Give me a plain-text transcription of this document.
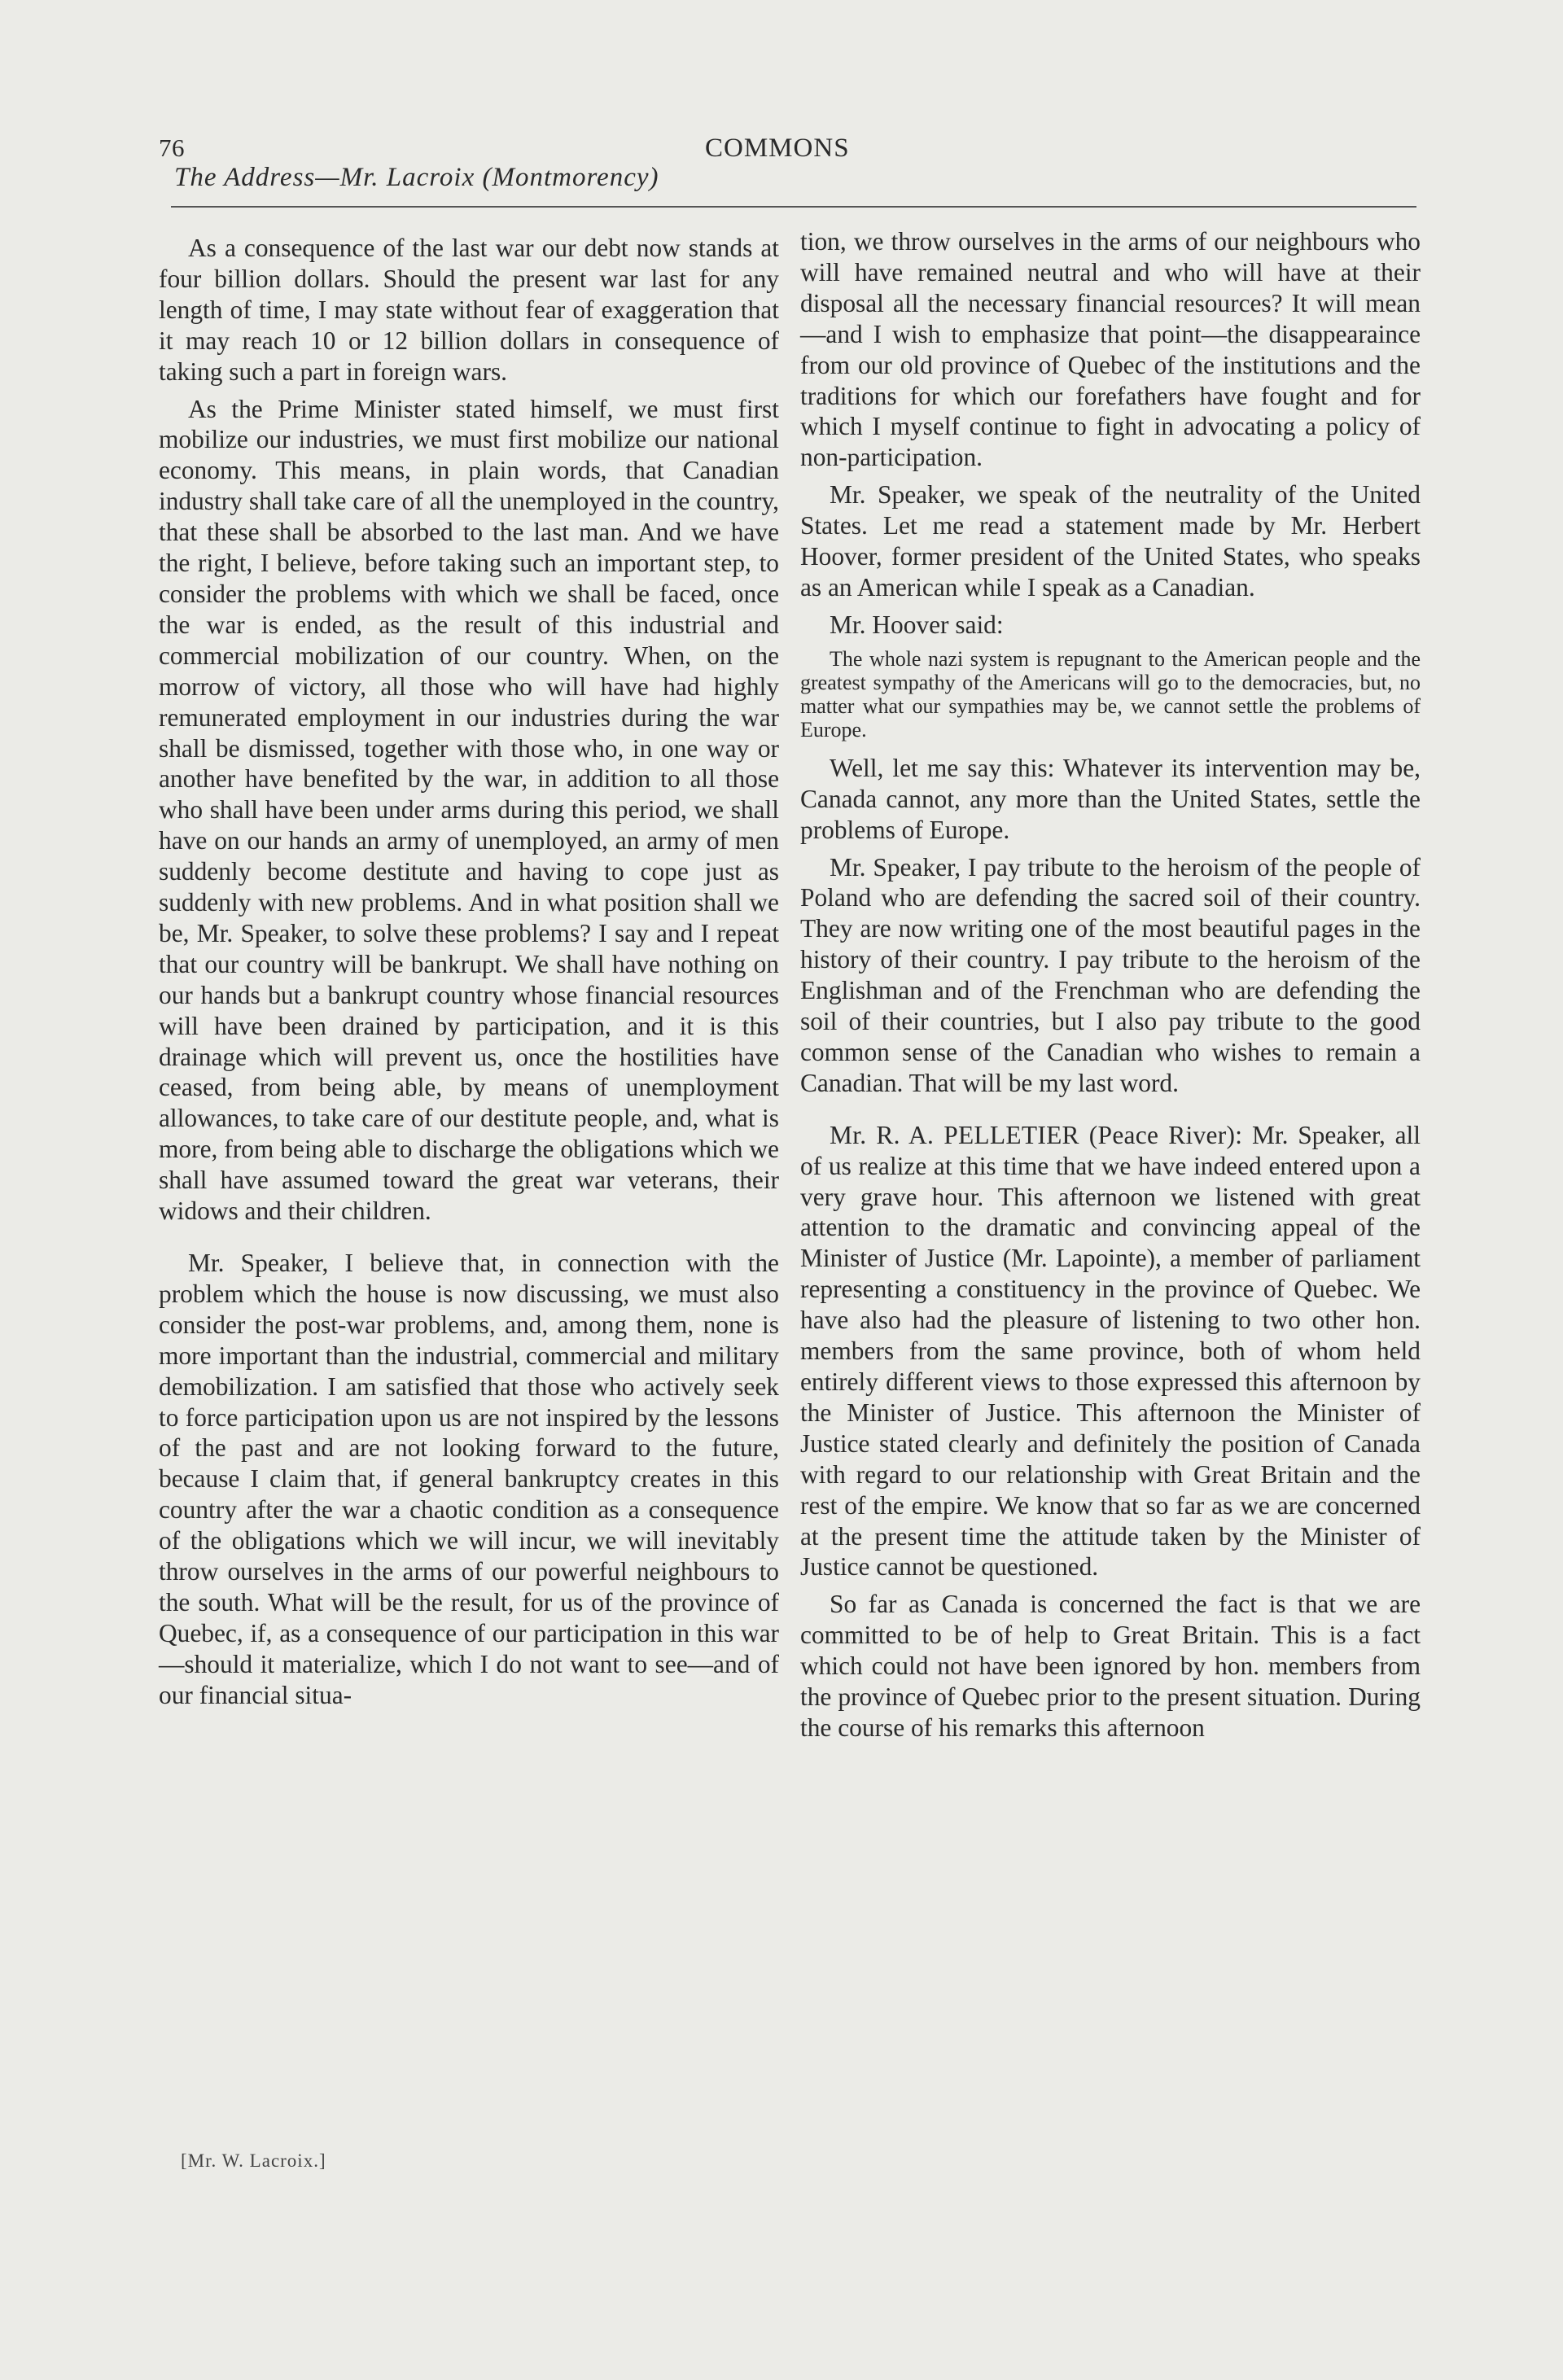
76	COMMONS
The Address—Mr. Lacroix (Montmorency)

As a consequence of the last war our debt now stands at four billion dollars. Should the present war last for any length of time, I may state without fear of exaggeration that it may reach 10 or 12 billion dollars in consequence of taking such a part in foreign wars.

As the Prime Minister stated himself, we must first mobilize our industries, we must first mobilize our national economy. This means, in plain words, that Canadian industry shall take care of all the unemployed in the country, that these shall be absorbed to the last man. And we have the right, I believe, before taking such an important step, to consider the problems with which we shall be faced, once the war is ended, as the result of this industrial and commercial mobilization of our country. When, on the morrow of victory, all those who will have had highly remunerated employment in our industries during the war shall be dismissed, together with those who, in one way or another have benefited by the war, in addition to all those who shall have been under arms during this period, we shall have on our hands an army of unemployed, an army of men suddenly become destitute and having to cope just as suddenly with new problems. And in what position shall we be, Mr. Speaker, to solve these problems? I say and I repeat that our country will be bankrupt. We shall have nothing on our hands but a bankrupt country whose financial resources will have been drained by participation, and it is this drainage which will prevent us, once the hostilities have ceased, from being able, by means of unemployment allowances, to take care of our destitute people, and, what is more, from being able to discharge the obligations which we shall have assumed toward the great war veterans, their widows and their children.

Mr. Speaker, I believe that, in connection with the problem which the house is now discussing, we must also consider the post-war problems, and, among them, none is more important than the industrial, commercial and military demobilization. I am satisfied that those who actively seek to force participation upon us are not inspired by the lessons of the past and are not looking forward to the future, because I claim that, if general bankruptcy creates in this country after the war a chaotic condition as a consequence of the obligations which we will incur, we will inevitably throw ourselves in the arms of our powerful neighbours to the south. What will be the result, for us of the province of Quebec, if, as a consequence of our participation in this war—should it materialize, which I do not want to see—and of our financial situa-

[Mr. W. Lacroix.]

tion, we throw ourselves in the arms of our neighbours who will have remained neutral and who will have at their disposal all the necessary financial resources? It will mean—and I wish to emphasize that point—the disappearaince from our old province of Quebec of the institutions and the traditions for which our forefathers have fought and for which I myself continue to fight in advocating a policy of non-participation.

Mr. Speaker, we speak of the neutrality of the United States. Let me read a statement made by Mr. Herbert Hoover, former president of the United States, who speaks as an American while I speak as a Canadian.

Mr. Hoover said:

The whole nazi system is repugnant to the American people and the greatest sympathy of the Americans will go to the democracies, but, no matter what our sympathies may be, we cannot settle the problems of Europe.

Well, let me say this: Whatever its intervention may be, Canada cannot, any more than the United States, settle the problems of Europe.

Mr. Speaker, I pay tribute to the heroism of the people of Poland who are defending the sacred soil of their country. They are now writing one of the most beautiful pages in the history of their country. I pay tribute to the heroism of the Englishman and of the Frenchman who are defending the soil of their countries, but I also pay tribute to the good common sense of the Canadian who wishes to remain a Canadian. That will be my last word.

Mr. R. A. PELLETIER (Peace River): Mr. Speaker, all of us realize at this time that we have indeed entered upon a very grave hour. This afternoon we listened with great attention to the dramatic and convincing appeal of the Minister of Justice (Mr. Lapointe), a member of parliament representing a constituency in the province of Quebec. We have also had the pleasure of listening to two other hon. members from the same province, both of whom held entirely different views to those expressed this afternoon by the Minister of Justice. This afternoon the Minister of Justice stated clearly and definitely the position of Canada with regard to our relationship with Great Britain and the rest of the empire. We know that so far as we are concerned at the present time the attitude taken by the Minister of Justice cannot be questioned.

So far as Canada is concerned the fact is that we are committed to be of help to Great Britain. This is a fact which could not have been ignored by hon. members from the province of Quebec prior to the present situation. During the course of his remarks this afternoon
